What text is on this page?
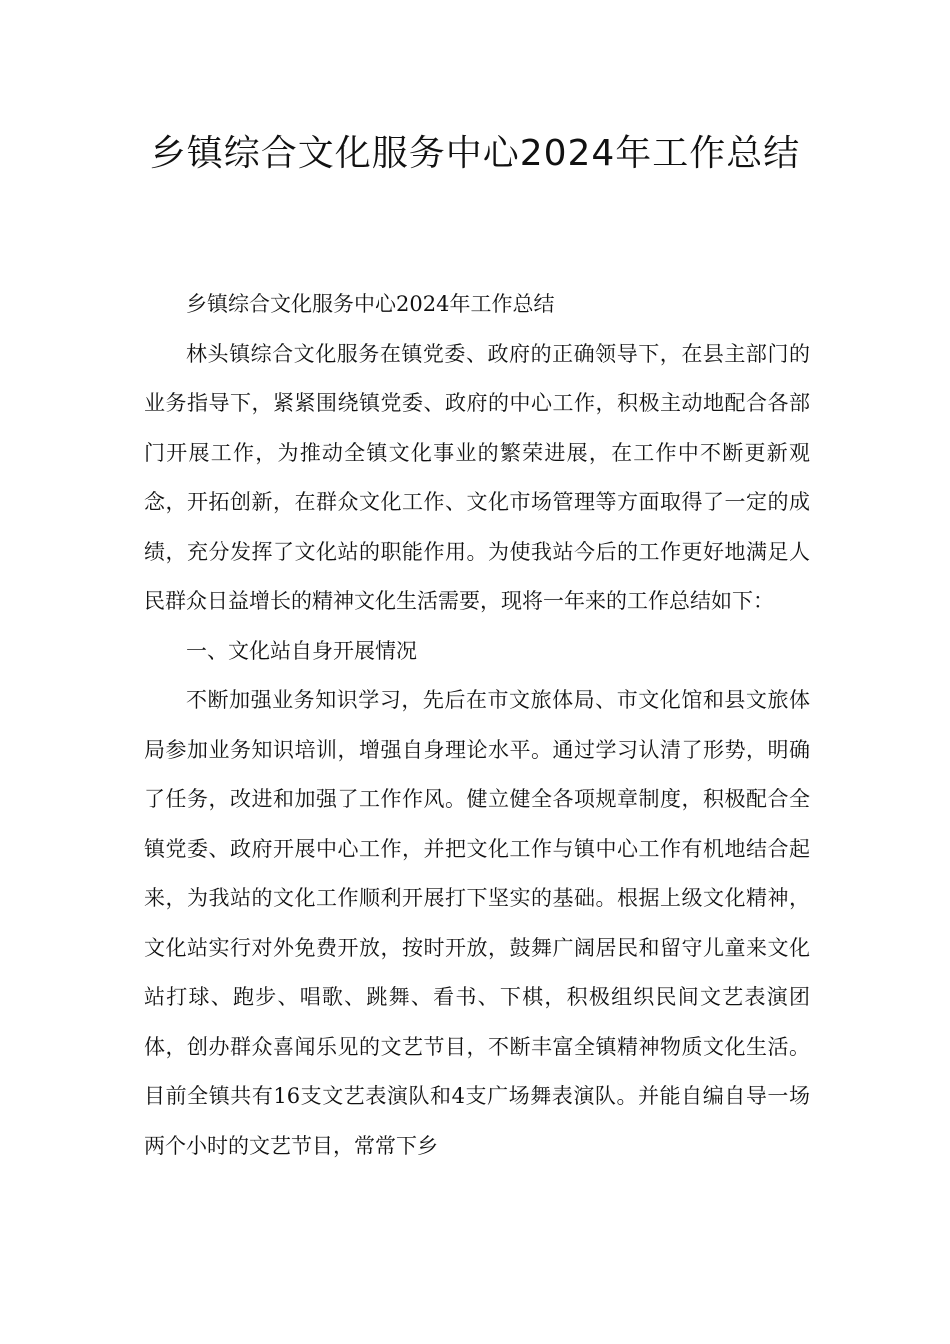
乡镇综合文化服务中心2024年工作总结

乡镇综合文化服务中心2024年工作总结

林头镇综合文化服务在镇党委、政府的正确领导下，在县主部门的业务指导下，紧紧围绕镇党委、政府的中心工作，积极主动地配合各部门开展工作，为推动全镇文化事业的繁荣进展，在工作中不断更新观念，开拓创新，在群众文化工作、文化市场管理等方面取得了一定的成绩，充分发挥了文化站的职能作用。为使我站今后的工作更好地满足人民群众日益增长的精神文化生活需要，现将一年来的工作总结如下：

一、文化站自身开展情况

不断加强业务知识学习，先后在市文旅体局、市文化馆和县文旅体局参加业务知识培训，增强自身理论水平。通过学习认清了形势，明确了任务，改进和加强了工作作风。健立健全各项规章制度，积极配合全镇党委、政府开展中心工作，并把文化工作与镇中心工作有机地结合起来，为我站的文化工作顺利开展打下坚实的基础。根据上级文化精神，文化站实行对外免费开放，按时开放，鼓舞广阔居民和留守儿童来文化站打球、跑步、唱歌、跳舞、看书、下棋，积极组织民间文艺表演团体，创办群众喜闻乐见的文艺节目，不断丰富全镇精神物质文化生活。目前全镇共有16支文艺表演队和4支广场舞表演队。并能自编自导一场两个小时的文艺节目，常常下乡
